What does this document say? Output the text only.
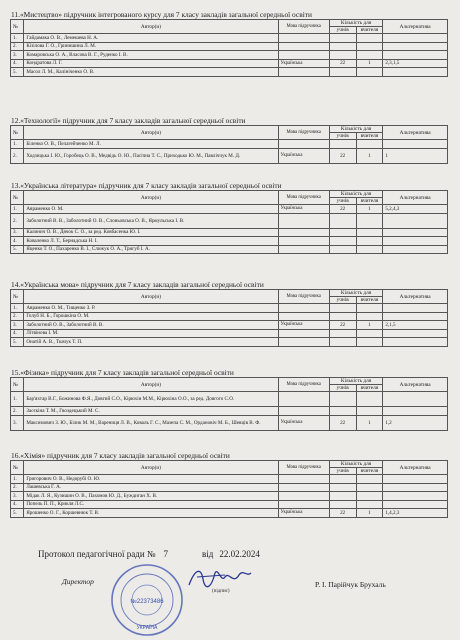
11.«Мистецтво» підручник інтегрованого курсу для 7 класу закладів загальної середньої освіти
№	Автор(и)	Мова підручника	Кількість для		Альтернатива
			учнів	вчителя	
1.	Гайдамака О. В., Лемешева Н. А.				
2.	Кізілова Г. О., Гринишина Л. М.				
3.	Комаровська О. А., Власова В. Г., Руденко І. В.				
4.	Кондратова Л. Г.	Українська	22	1	2,3,1,5
5.	Масол Л. М., Калініченко О. В.				
12.«Технології» підручник для 7 класу закладів загальної середньої освіти
№	Автор(и)	Мова підручника	Кількість для		Альтернатива
			учнів	вчителя	
1.	Біленко О. В., Пелагейченко М. Л.				
2.	Ходзицька І. Ю., Горобець О. В., Медвідь О. Ю., Пасічна Т. С., Приходько Ю. М., Павліччук М. Д.	Українська	22	1	1
13.«Українська література» підручник для 7 класу закладів загальної середньої освіти
№	Автор(и)	Мова підручника	Кількість для		Альтернатива
			учнів	вчителя	
1.	Авраменко О. М.	Українська	22	1	5,2,4,3
2.	Заболотний В. В., Заболотний О. В., Слоньовська О. В., Ярмульська І. В.				
3.	Калинич О. В., Дячок С. О., за ред. Ковбасенка Ю. І.				
4.	Коваленко Л. Т., Бернадська Н. І.				
5.	Яценко Т. О., Пахаренко В. І., Слижук О. А., Тригуб І. А.				
14.«Українська мова» підручник для 7 класу закладів загальної середньої освіти
№	Автор(и)	Мова підручника	Кількість для		Альтернатива
			учнів	вчителя	
1.	Авраменко О. М., Тищенко З. Р.				
2.	Голуб Н. Б., Горошкіна О. М.				
3.	Заболотний О. В., Заболотний В. В.	Українська	22	1	2,1,5
4.	Літвінова І. М.				
5.	Онатій А. В., Ткачук Т. П.				
15.«Фізика» підручник для 7 класу закладів загальної середньої освіти
№	Автор(и)	Мова підручника	Кількість для		Альтернатива
			учнів	вчителя	
1.	Бар'яхтар В.Г., Божинова Ф.Я., Довгий С.О., Кірюхін М.М., Кірюхіна О.О., за ред. Довгого С.О.				
2.	Засєкіна Т. М., Гвоздецький М. С.				
3.	Максимович З. Ю., Білик М. М., Варениця Л. В., Коваль Г. С., Мазепа С. М., Ордановіч М. Б., Шевців В. Ф.	Українська	22	1	1,2
16.«Хімія» підручник для 7 класу закладів загальної середньої освіти
№	Автор(и)	Мова підручника	Кількість для		Альтернатива
			учнів	вчителя	
1.	Григорович О. В., Недорубі О. Ю.				
2.	Лашевська Г. А.				
3.	Мідак Л. Я., Кузишин О. В., Пахомов Ю. Д., Буждиган Х. В.				
4.	Попель П. П., Крикля Л.С.				
5.	Ярошенко О. Г., Коршевнюк Т. В.	Українська	22	1	1,4,2,3
Протокол педагогічної ради № 7	від 22.02.2024
Директор
(підпис)
Р. І. Парійчук Брухаль
№22373486
УКРАЇНА
